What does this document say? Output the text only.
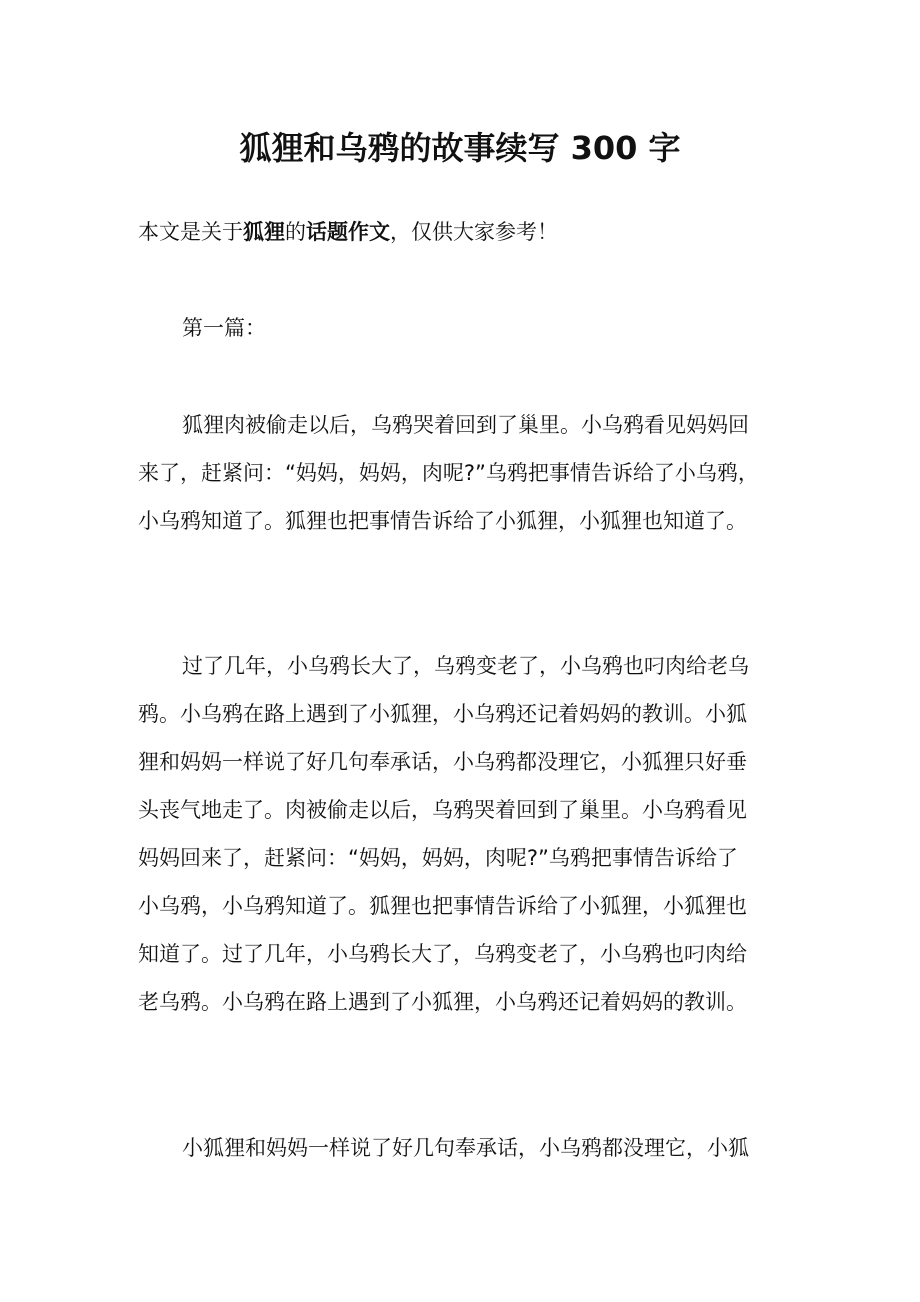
狐狸和乌鸦的故事续写 300 字

本文是关于狐狸的话题作文，仅供大家参考！

第一篇：

狐狸肉被偷走以后，乌鸦哭着回到了巢里。小乌鸦看见妈妈回
来了，赶紧问：“妈妈，妈妈，肉呢?”乌鸦把事情告诉给了小乌鸦，
小乌鸦知道了。狐狸也把事情告诉给了小狐狸，小狐狸也知道了。
过了几年，小乌鸦长大了，乌鸦变老了，小乌鸦也叼肉给老乌
鸦。小乌鸦在路上遇到了小狐狸，小乌鸦还记着妈妈的教训。小狐
狸和妈妈一样说了好几句奉承话，小乌鸦都没理它，小狐狸只好垂
头丧气地走了。肉被偷走以后，乌鸦哭着回到了巢里。小乌鸦看见
妈妈回来了，赶紧问：“妈妈，妈妈，肉呢?”乌鸦把事情告诉给了
小乌鸦，小乌鸦知道了。狐狸也把事情告诉给了小狐狸，小狐狸也
知道了。过了几年，小乌鸦长大了，乌鸦变老了，小乌鸦也叼肉给
老乌鸦。小乌鸦在路上遇到了小狐狸，小乌鸦还记着妈妈的教训。
小狐狸和妈妈一样说了好几句奉承话，小乌鸦都没理它，小狐
